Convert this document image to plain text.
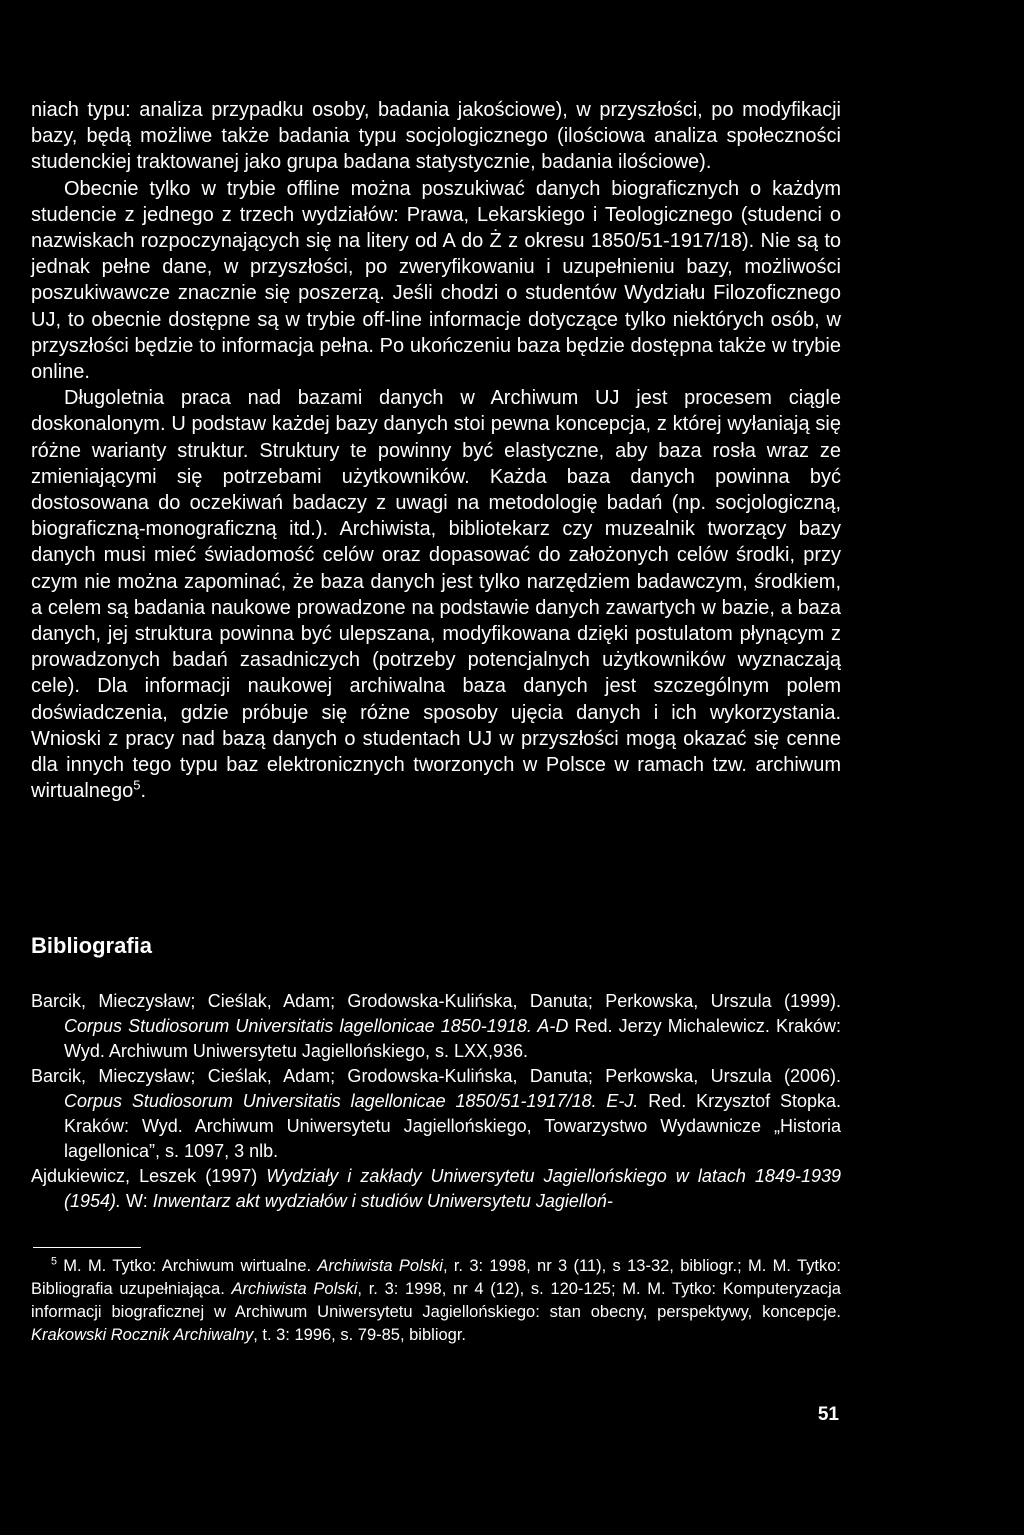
niach typu: analiza przypadku osoby, badania jakościowe), w przyszłości, po modyfikacji bazy, będą możliwe także badania typu socjologicznego (ilościowa analiza społeczności studenckiej traktowanej jako grupa badana statystycznie, badania ilościowe).

Obecnie tylko w trybie offline można poszukiwać danych biograficznych o każdym studencie z jednego z trzech wydziałów: Prawa, Lekarskiego i Teologicznego (studenci o nazwiskach rozpoczynających się na litery od A do Ż z okresu 1850/51-1917/18). Nie są to jednak pełne dane, w przyszłości, po zweryfikowaniu i uzupełnieniu bazy, możliwości poszukiwawcze znacznie się poszerzą. Jeśli chodzi o studentów Wydziału Filozoficznego UJ, to obecnie dostępne są w trybie off-line informacje dotyczące tylko niektórych osób, w przyszłości będzie to informacja pełna. Po ukończeniu baza będzie dostępna także w trybie online.

Długoletnia praca nad bazami danych w Archiwum UJ jest procesem ciągle doskonalonym. U podstaw każdej bazy danych stoi pewna koncepcja, z której wyłaniają się różne warianty struktur. Struktury te powinny być elastyczne, aby baza rosła wraz ze zmieniającymi się potrzebami użytkowników. Każda baza danych powinna być dostosowana do oczekiwań badaczy z uwagi na metodologię badań (np. socjologiczną, biograficzną-monograficzną itd.). Archiwista, bibliotekarz czy muzealnik tworzący bazy danych musi mieć świadomość celów oraz dopasować do założonych celów środki, przy czym nie można zapominać, że baza danych jest tylko narzędziem badawczym, środkiem, a celem są badania naukowe prowadzone na podstawie danych zawartych w bazie, a baza danych, jej struktura powinna być ulepszana, modyfikowana dzięki postulatom płynącym z prowadzonych badań zasadniczych (potrzeby potencjalnych użytkowników wyznaczają cele). Dla informacji naukowej archiwalna baza danych jest szczególnym polem doświadczenia, gdzie próbuje się różne sposoby ujęcia danych i ich wykorzystania. Wnioski z pracy nad bazą danych o studentach UJ w przyszłości mogą okazać się cenne dla innych tego typu baz elektronicznych tworzonych w Polsce w ramach tzw. archiwum wirtualnego$^5$.

Bibliografia

Barcik, Mieczysław; Cieślak, Adam; Grodowska-Kulińska, Danuta; Perkowska, Urszula (1999). Corpus Studiosorum Universitatis lagellonicae 1850-1918. A-D Red. Jerzy Michalewicz. Kraków: Wyd. Archiwum Uniwersytetu Jagiellońskiego, s. LXX,936.

Barcik, Mieczysław; Cieślak, Adam; Grodowska-Kulińska, Danuta; Perkowska, Urszula (2006). Corpus Studiosorum Universitatis lagellonicae 1850/51-1917/18. E-J. Red. Krzysztof Stopka. Kraków: Wyd. Archiwum Uniwersytetu Jagiellońskiego, Towarzystwo Wydawnicze „Historia lagellonica”, s. 1097, 3 nlb.

Ajdukiewicz, Leszek (1997) Wydziały i zakłady Uniwersytetu Jagiellońskiego w latach 1849-1939 (1954). W: Inwentarz akt wydziałów i studiów Uniwersytetu Jagielloń-

$^5$ M. M. Tytko: Archiwum wirtualne. Archiwista Polski, r. 3: 1998, nr 3 (11), s 13-32, bibliogr.; M. M. Tytko: Bibliografia uzupełniająca. Archiwista Polski, r. 3: 1998, nr 4 (12), s. 120-125; M. M. Tytko: Komputeryzacja informacji biograficznej w Archiwum Uniwersytetu Jagiellońskiego: stan obecny, perspektywy, koncepcje. Krakowski Rocznik Archiwalny, t. 3: 1996, s. 79-85, bibliogr.

51
